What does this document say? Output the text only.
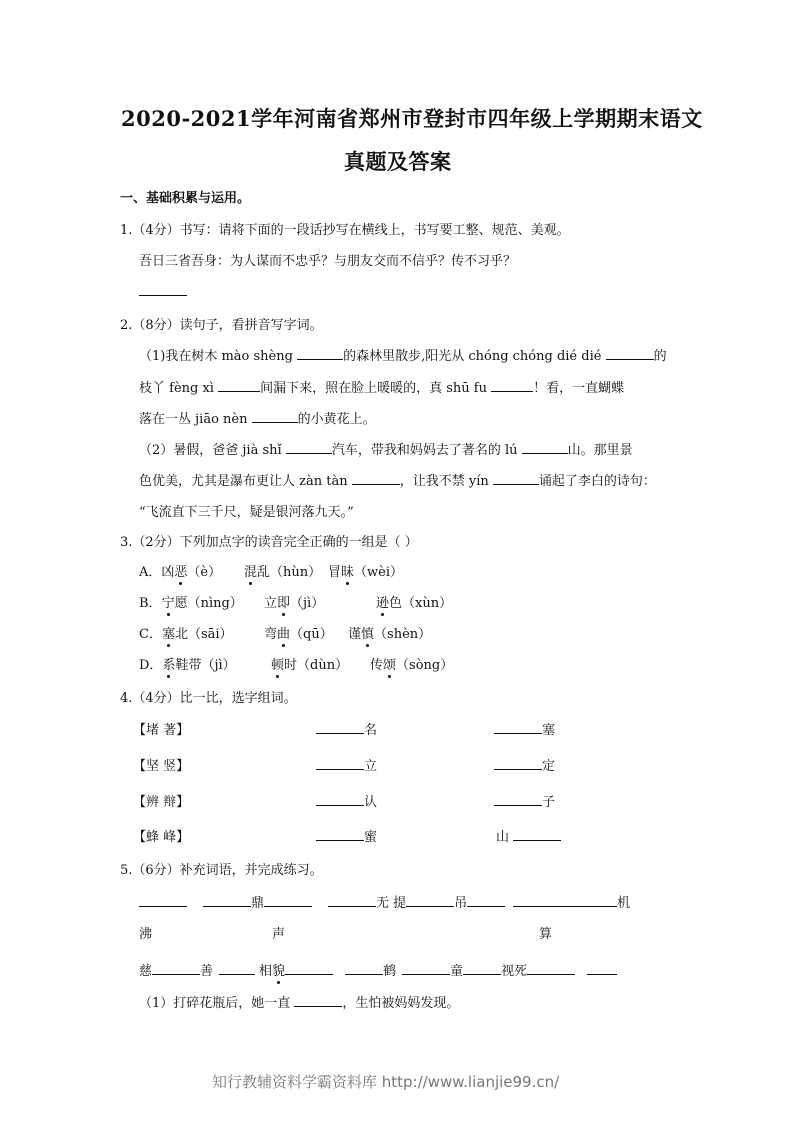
2020-2021学年河南省郑州市登封市四年级上学期期末语文
真题及答案
一、基础积累与运用。
1.（4分）书写：请将下面的一段话抄写在横线上，书写要工整、规范、美观。
吾日三省吾身：为人谋而不忠乎？与朋友交而不信乎？传不习乎？
2.（8分）读句子，看拼音写字词。
（1)我在树木 mào shèng	的森林里散步,阳光从 chóng chóng dié dié	的
枝丫 fèng xì	间漏下来，照在脸上暖暖的，真 shū fu	！看，一直蝴蝶
落在一丛 jiāo nèn	的小黄花上。
（2）暑假，爸爸 jià shǐ	汽车，带我和妈妈去了著名的 lú	山。那里景
色优美，尤其是瀑布更让人 zàn tàn	，让我不禁 yín	诵起了李白的诗句：
“飞流直下三千尺，疑是银河落九天。”
3.（2分）下列加点字的读音完全正确的一组是（ ）
A．凶恶（è） 混乱（hùn） 冒昧（wèi）
B．宁愿（nìng） 立即（jì）	逊色（xùn）
C．塞北（sāi） 弯曲（qū） 谨慎（shèn）
D．系鞋带（jì）	顿时（dùn） 传颂（sòng）
4.（4分）比一比，选字组词。
【堵 著】	名	塞
【坚 竖】	立	定
【辨 辩】	认	子
【蜂 峰】	蜜	山
5.（6分）补充词语，并完成练习。
鼎	无 提	吊	机
沸	声	算
慈	善	相貌	鹤	童	视死
（1）打碎花瓶后，她一直	，生怕被妈妈发现。
知行教辅资料学霸资料库 http://www.lianjie99.cn/
